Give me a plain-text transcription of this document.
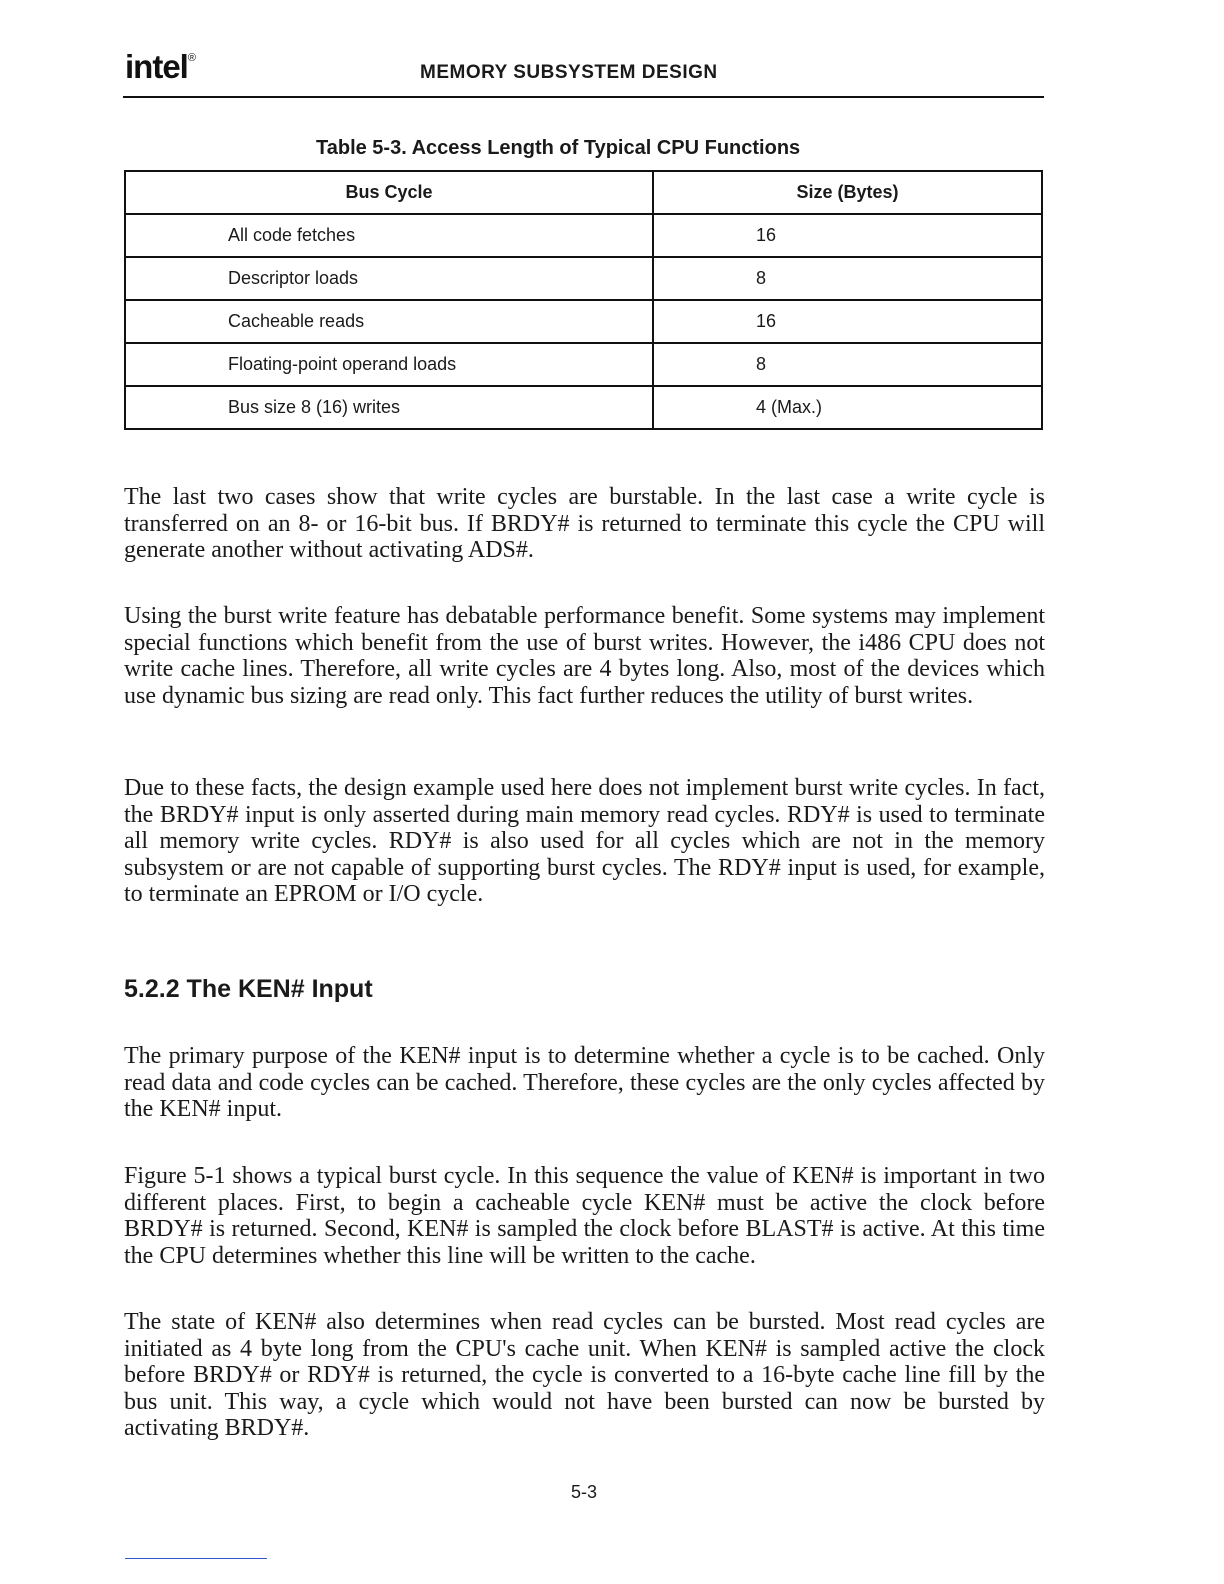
intel®
MEMORY SUBSYSTEM DESIGN
Table 5-3. Access Length of Typical CPU Functions
Bus Cycle	Size (Bytes)
All code fetches	16
Descriptor loads	8
Cacheable reads	16
Floating-point operand loads	8
Bus size 8 (16) writes	4 (Max.)

The last two cases show that write cycles are burstable. In the last case a write cycle is transferred on an 8- or 16-bit bus. If BRDY# is returned to terminate this cycle the CPU will generate another without activating ADS#.

Using the burst write feature has debatable performance benefit. Some systems may implement special functions which benefit from the use of burst writes. However, the i486 CPU does not write cache lines. Therefore, all write cycles are 4 bytes long. Also, most of the devices which use dynamic bus sizing are read only. This fact further reduces the utility of burst writes.

Due to these facts, the design example used here does not implement burst write cycles. In fact, the BRDY# input is only asserted during main memory read cycles. RDY# is used to terminate all memory write cycles. RDY# is also used for all cycles which are not in the memory subsystem or are not capable of supporting burst cycles. The RDY# input is used, for example, to terminate an EPROM or I/O cycle.

5.2.2 The KEN# Input

The primary purpose of the KEN# input is to determine whether a cycle is to be cached. Only read data and code cycles can be cached. Therefore, these cycles are the only cycles affected by the KEN# input.

Figure 5-1 shows a typical burst cycle. In this sequence the value of KEN# is important in two different places. First, to begin a cacheable cycle KEN# must be active the clock before BRDY# is returned. Second, KEN# is sampled the clock before BLAST# is active. At this time the CPU determines whether this line will be written to the cache.

The state of KEN# also determines when read cycles can be bursted. Most read cycles are initiated as 4 byte long from the CPU's cache unit. When KEN# is sampled active the clock before BRDY# or RDY# is returned, the cycle is converted to a 16-byte cache line fill by the bus unit. This way, a cycle which would not have been bursted can now be bursted by activating BRDY#.

5-3
